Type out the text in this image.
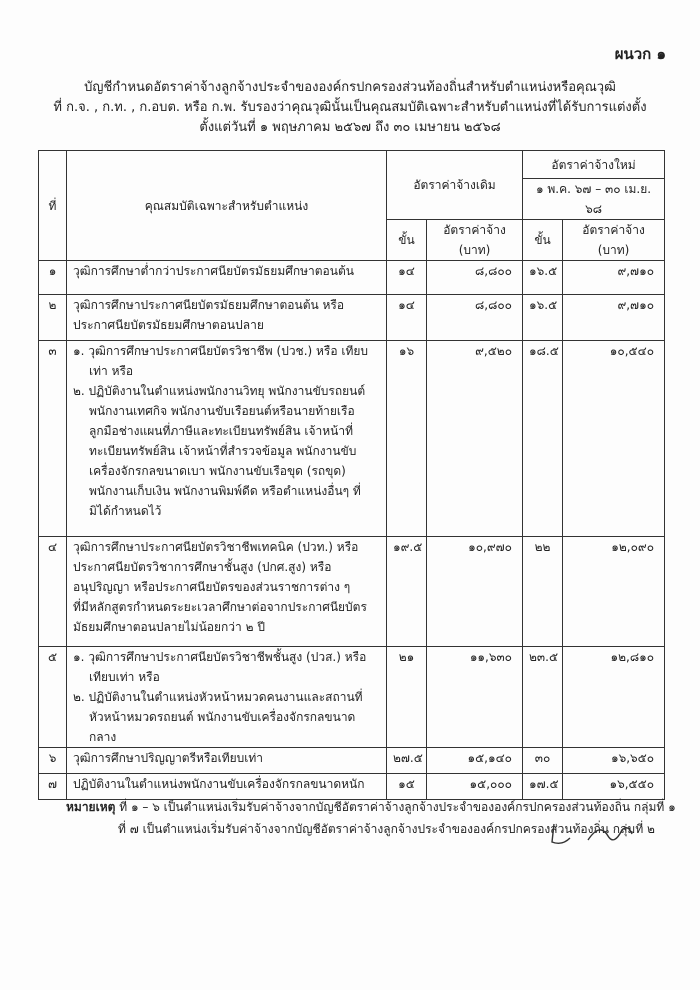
ผนวก ๑
บัญชีกำหนดอัตราค่าจ้างลูกจ้างประจำขององค์กรปกครองส่วนท้องถิ่นสำหรับตำแหน่งหรือคุณวุฒิ
ที่ ก.จ. , ก.ท. , ก.อบต. หรือ ก.พ. รับรองว่าคุณวุฒินั้นเป็นคุณสมบัติเฉพาะสำหรับตำแหน่งที่ได้รับการแต่งตั้ง
ตั้งแต่วันที่ ๑ พฤษภาคม ๒๕๖๗ ถึง ๓๐ เมษายน ๒๕๖๘
ที่	คุณสมบัติเฉพาะสำหรับตำแหน่ง	อัตราค่าจ้างเดิม		อัตราค่าจ้างใหม่	
				๑ พ.ค. ๖๗ – ๓๐ เม.ย. ๖๘	
		ขั้น	อัตราค่าจ้าง (บาท)	ขั้น	อัตราค่าจ้าง (บาท)
๑	วุฒิการศึกษาต่ำกว่าประกาศนียบัตรมัธยมศึกษาตอนต้น	๑๔	๘,๘๐๐	๑๖.๕	๙,๗๑๐
๒	วุฒิการศึกษาประกาศนียบัตรมัธยมศึกษาตอนต้น หรือ
ประกาศนียบัตรมัธยมศึกษาตอนปลาย	๑๔	๘,๘๐๐	๑๖.๕	๙,๗๑๐
๓	๑. วุฒิการศึกษาประกาศนียบัตรวิชาชีพ (ปวช.) หรือ เทียบเท่า หรือ
๒. ปฏิบัติงานในตำแหน่งพนักงานวิทยุ พนักงานขับรถยนต์ พนักงานเทศกิจ พนักงานขับเรือยนต์หรือนายท้ายเรือ ลูกมือช่างแผนที่ภาษีและทะเบียนทรัพย์สิน เจ้าหน้าที่ทะเบียนทรัพย์สิน เจ้าหน้าที่สำรวจข้อมูล พนักงานขับเครื่องจักรกลขนาดเบา พนักงานขับเรือขุด (รถขุด) พนักงานเก็บเงิน พนักงานพิมพ์ดีด หรือตำแหน่งอื่นๆ ที่มิได้กำหนดไว้	๑๖	๙,๕๒๐	๑๘.๕	๑๐,๕๔๐
๔	วุฒิการศึกษาประกาศนียบัตรวิชาชีพเทคนิค (ปวท.) หรือ
ประกาศนียบัตรวิชาการศึกษาชั้นสูง (ปกศ.สูง) หรือ
อนุปริญญา หรือประกาศนียบัตรของส่วนราชการต่าง ๆ
ที่มีหลักสูตรกำหนดระยะเวลาศึกษาต่อจากประกาศนียบัตร
มัธยมศึกษาตอนปลายไม่น้อยกว่า ๒ ปี	๑๙.๕	๑๐,๙๗๐	๒๒	๑๒,๐๙๐
๕	๑. วุฒิการศึกษาประกาศนียบัตรวิชาชีพชั้นสูง (ปวส.) หรือเทียบเท่า หรือ
๒. ปฏิบัติงานในตำแหน่งหัวหน้าหมวดคนงานและสถานที่ หัวหน้าหมวดรถยนต์ พนักงานขับเครื่องจักรกลขนาดกลาง	๒๑	๑๑,๖๓๐	๒๓.๕	๑๒,๘๑๐
๖	วุฒิการศึกษาปริญญาตรีหรือเทียบเท่า	๒๗.๕	๑๕,๑๔๐	๓๐	๑๖,๖๕๐
๗	ปฏิบัติงานในตำแหน่งพนักงานขับเครื่องจักรกลขนาดหนัก	๑๕	๑๕,๐๐๐	๑๗.๕	๑๖,๕๕๐
หมายเหตุ ที่ ๑ – ๖ เป็นตำแหน่งเริ่มรับค่าจ้างจากบัญชีอัตราค่าจ้างลูกจ้างประจำขององค์กรปกครองส่วนท้องถิ่น กลุ่มที่ ๑
ที่ ๗ เป็นตำแหน่งเริ่มรับค่าจ้างจากบัญชีอัตราค่าจ้างลูกจ้างประจำขององค์กรปกครองส่วนท้องถิ่น กลุ่มที่ ๒
